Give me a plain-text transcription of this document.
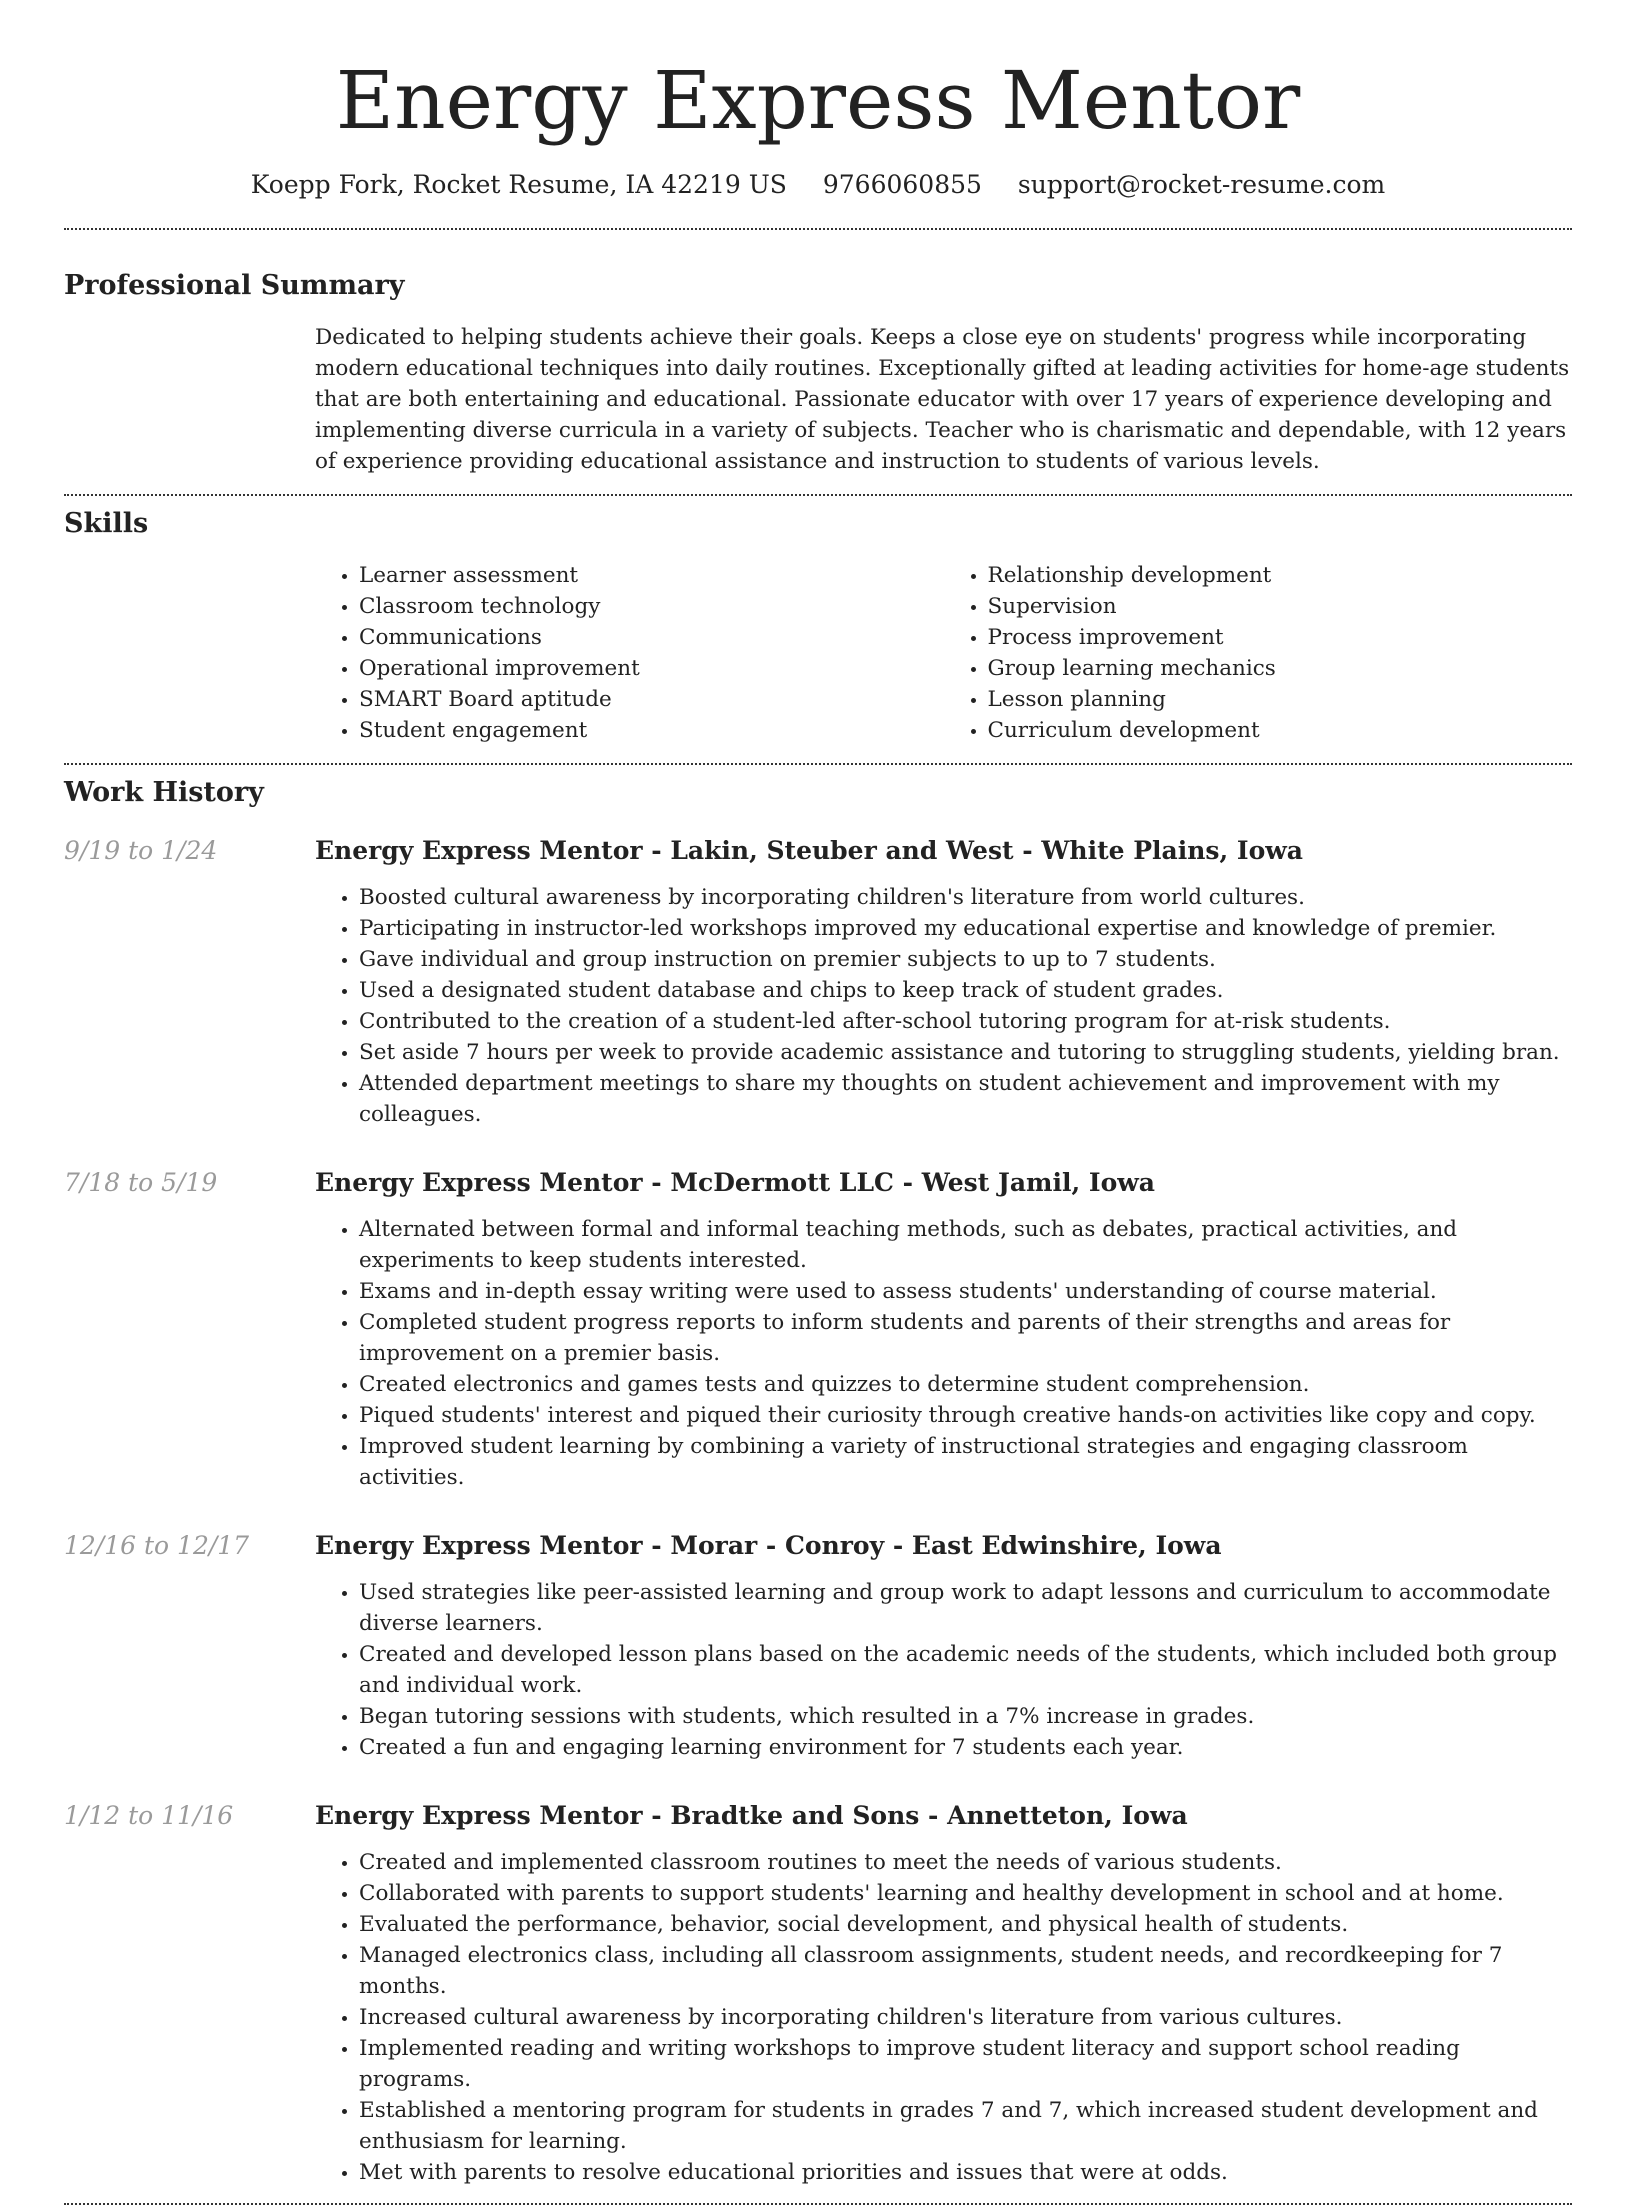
Energy Express Mentor
Koepp Fork, Rocket Resume, IA 42219 US 9766060855 support@rocket-resume.com
Professional Summary

Dedicated to helping students achieve their goals. Keeps a close eye on students' progress while incorporating modern educational techniques into daily routines. Exceptionally gifted at leading activities for home-age students that are both entertaining and educational. Passionate educator with over 17 years of experience developing and implementing diverse curricula in a variety of subjects. Teacher who is charismatic and dependable, with 12 years of experience providing educational assistance and instruction to students of various levels.

Skills
• Learner assessment
• Classroom technology
• Communications
• Operational improvement
• SMART Board aptitude
• Student engagement
• Relationship development
• Supervision
• Process improvement
• Group learning mechanics
• Lesson planning
• Curriculum development
Work History
9/19 to 1/24	Energy Express Mentor - Lakin, Steuber and West - White Plains, Iowa
• Boosted cultural awareness by incorporating children's literature from world cultures.
• Participating in instructor-led workshops improved my educational expertise and knowledge of premier.
• Gave individual and group instruction on premier subjects to up to 7 students.
• Used a designated student database and chips to keep track of student grades.
• Contributed to the creation of a student-led after-school tutoring program for at-risk students.
• Set aside 7 hours per week to provide academic assistance and tutoring to struggling students, yielding bran.
• Attended department meetings to share my thoughts on student achievement and improvement with my colleagues.
7/18 to 5/19	Energy Express Mentor - McDermott LLC - West Jamil, Iowa
• Alternated between formal and informal teaching methods, such as debates, practical activities, and experiments to keep students interested.
• Exams and in-depth essay writing were used to assess students' understanding of course material.
• Completed student progress reports to inform students and parents of their strengths and areas for improvement on a premier basis.
• Created electronics and games tests and quizzes to determine student comprehension.
• Piqued students' interest and piqued their curiosity through creative hands-on activities like copy and copy.
• Improved student learning by combining a variety of instructional strategies and engaging classroom activities.
12/16 to 12/17	Energy Express Mentor - Morar - Conroy - East Edwinshire, Iowa
• Used strategies like peer-assisted learning and group work to adapt lessons and curriculum to accommodate diverse learners.
• Created and developed lesson plans based on the academic needs of the students, which included both group and individual work.
• Began tutoring sessions with students, which resulted in a 7% increase in grades.
• Created a fun and engaging learning environment for 7 students each year.
1/12 to 11/16	Energy Express Mentor - Bradtke and Sons - Annetteton, Iowa
• Created and implemented classroom routines to meet the needs of various students.
• Collaborated with parents to support students' learning and healthy development in school and at home.
• Evaluated the performance, behavior, social development, and physical health of students.
• Managed electronics class, including all classroom assignments, student needs, and recordkeeping for 7 months.
• Increased cultural awareness by incorporating children's literature from various cultures.
• Implemented reading and writing workshops to improve student literacy and support school reading programs.
• Established a mentoring program for students in grades 7 and 7, which increased student development and enthusiasm for learning.
• Met with parents to resolve educational priorities and issues that were at odds.
